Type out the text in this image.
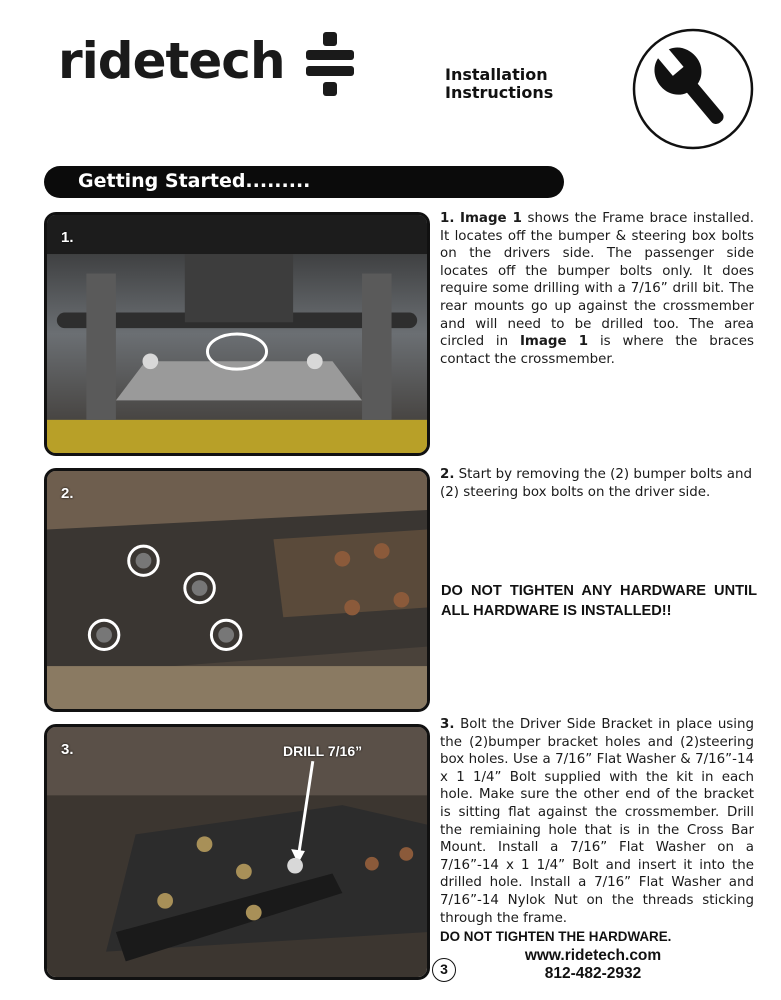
ridetech	Installation
Instructions
Getting Started.........
1.
2.
3.	DRILL 7/16”
1. Image 1 shows the Frame brace installed. It locates off the bumper & steering box bolts on the drivers side. The passenger side locates off the bumper bolts only. It does require some drilling with a 7/16” drill bit. The rear mounts go up against the crossmember and will need to be drilled too. The area circled in Image 1 is where the braces contact the crossmember.
2. Start by removing the (2) bumper bolts and (2) steering box bolts on the driver side.
DO NOT TIGHTEN ANY HARDWARE UNTIL ALL HARDWARE IS INSTALLED!!
3. Bolt the Driver Side Bracket in place using the (2)bumper bracket holes and (2)steering box holes. Use a 7/16” Flat Washer & 7/16”-14 x 1 1/4” Bolt supplied with the kit in each hole. Make sure the other end of the bracket is sitting flat against the crossmember. Drill the remiaining hole that is in the Cross Bar Mount. Install a 7/16” Flat Washer on a 7/16”-14 x 1 1/4” Bolt and insert it into the drilled hole. Install a 7/16” Flat Washer and 7/16”-14 Nylok Nut on the threads sticking through the frame.
DO NOT TIGHTEN THE HARDWARE.
www.ridetech.com
812-482-2932
3
